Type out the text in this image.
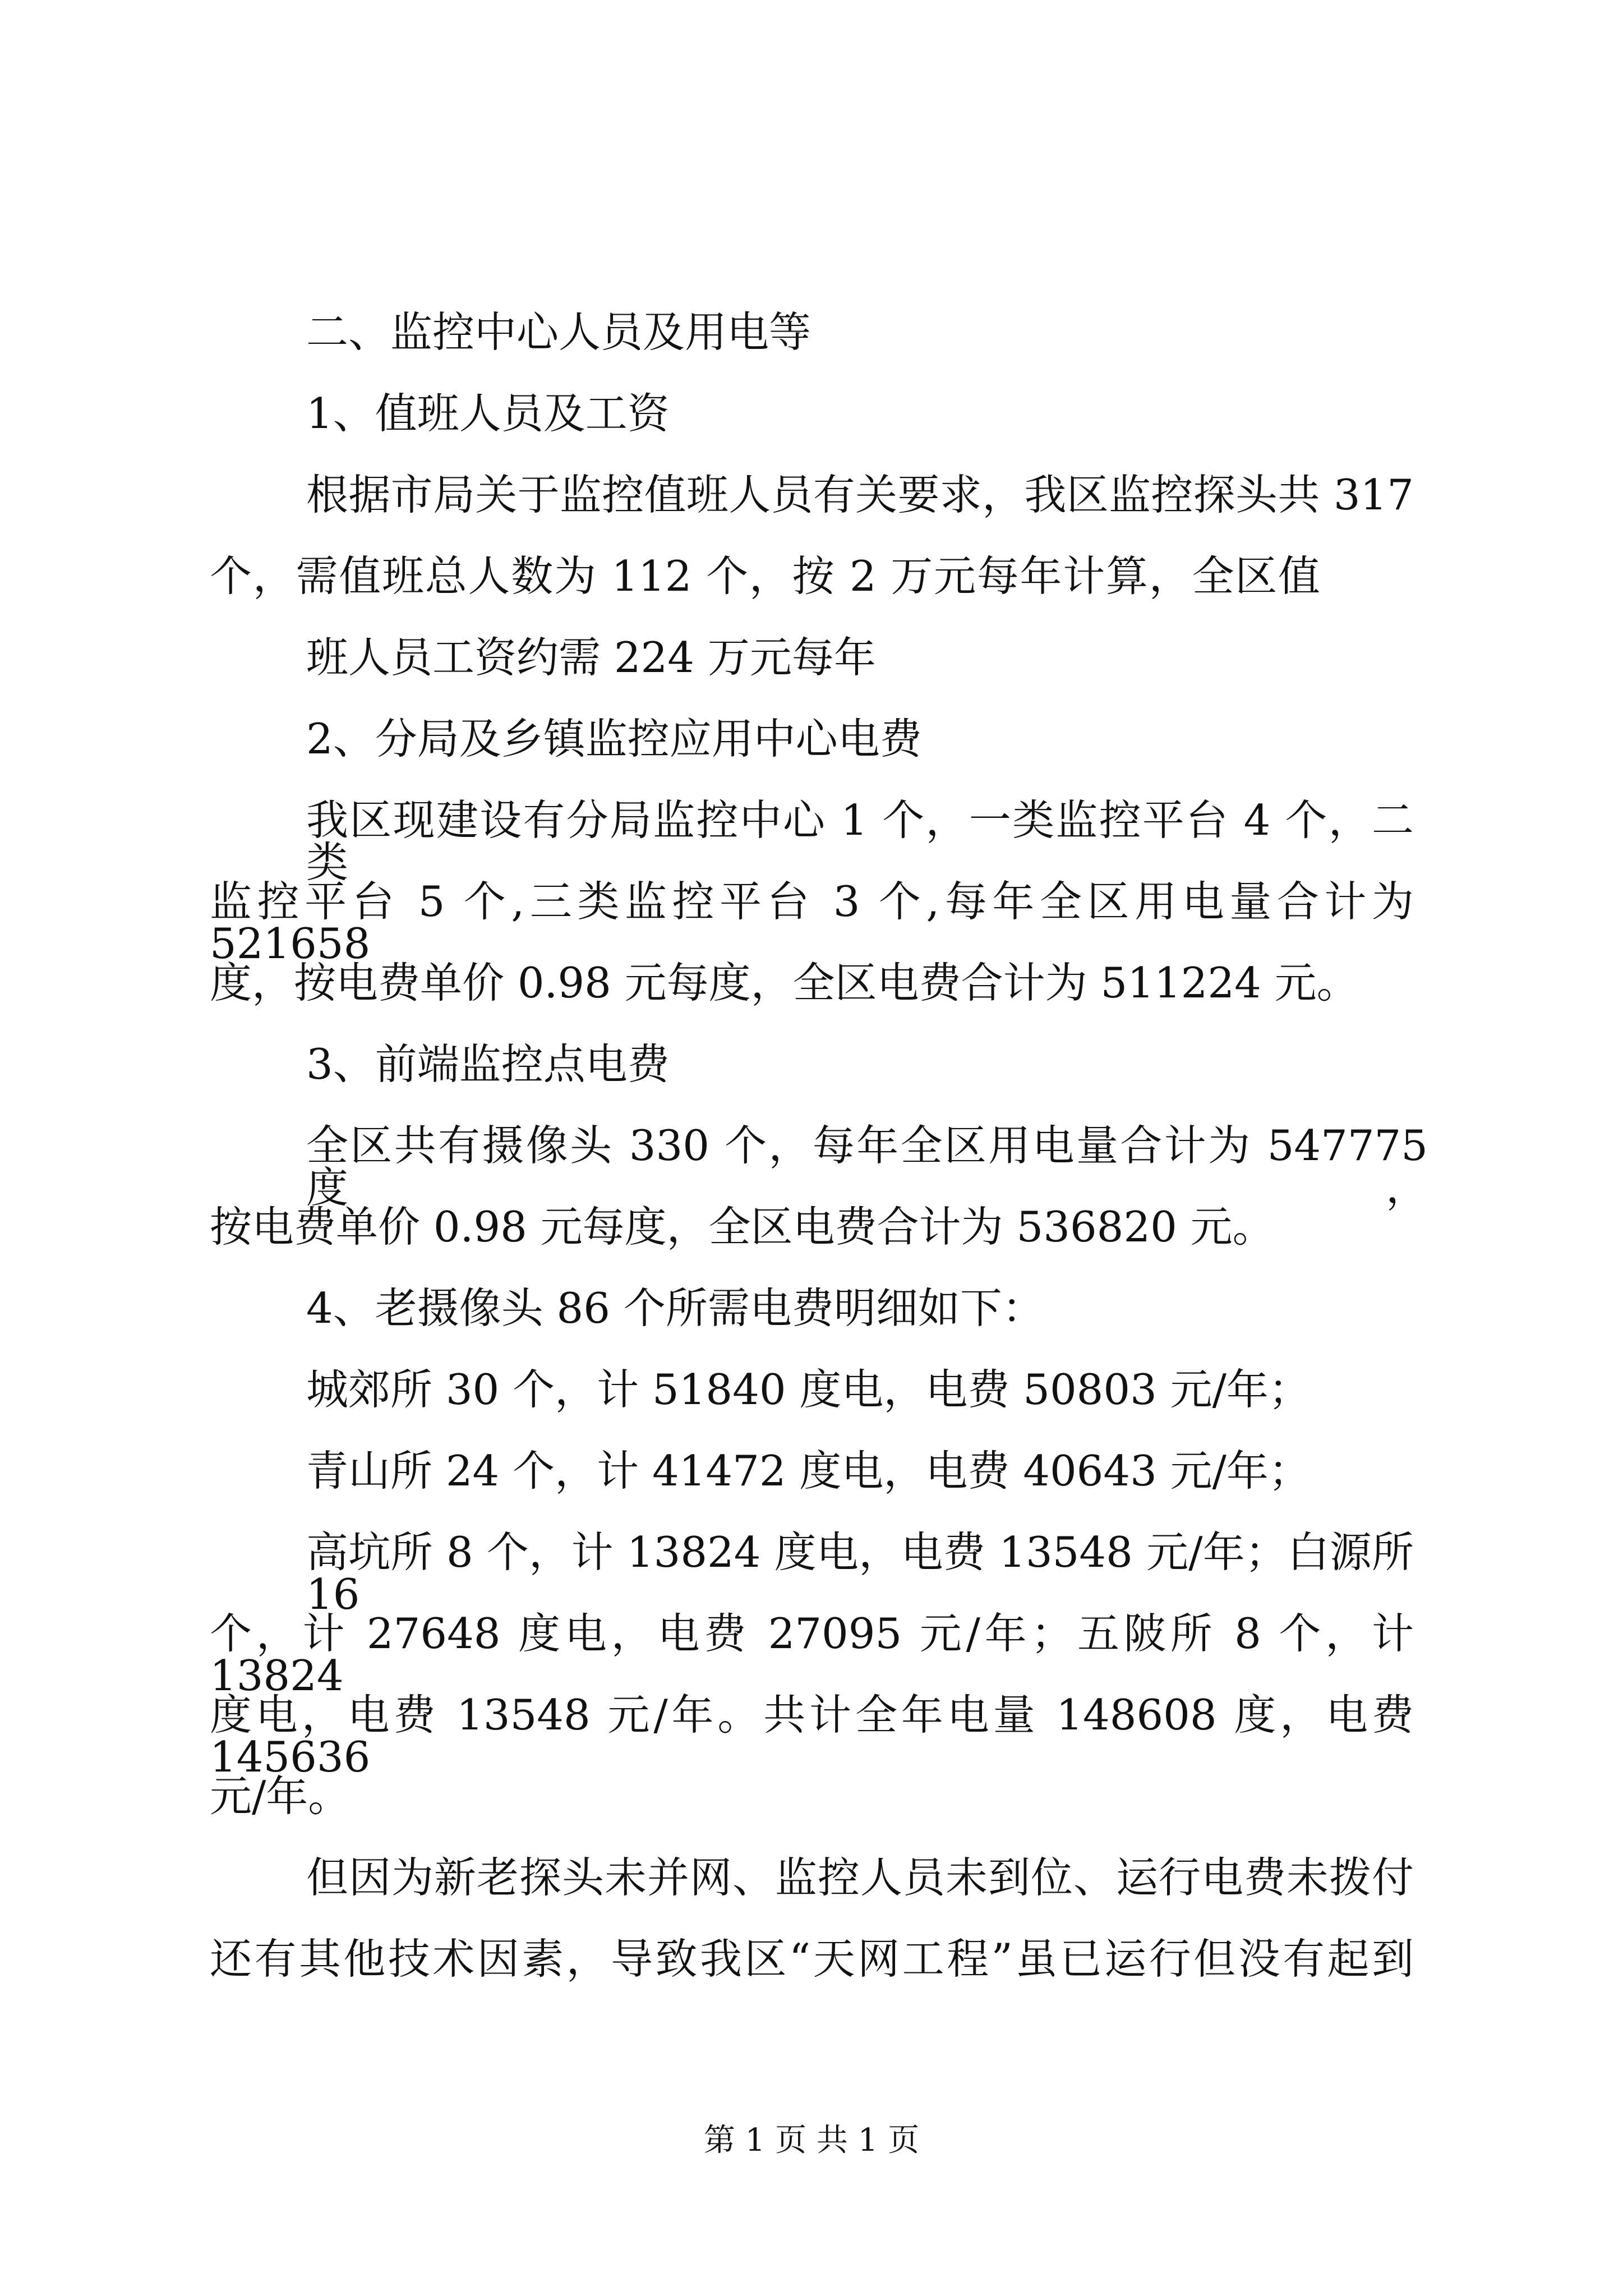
二、监控中心人员及用电等
1、值班人员及工资
根据市局关于监控值班人员有关要求，我区监控探头共 317
个，需值班总人数为 112 个，按 2 万元每年计算，全区值
班人员工资约需 224 万元每年
2、分局及乡镇监控应用中心电费
我区现建设有分局监控中心 1 个，一类监控平台 4 个，二类
监控平台 5 个,三类监控平台 3 个,每年全区用电量合计为 521658
度，按电费单价 0.98 元每度，全区电费合计为 511224 元。
3、前端监控点电费
全区共有摄像头 330 个，每年全区用电量合计为 547775 度，
按电费单价 0.98 元每度，全区电费合计为 536820 元。
4、老摄像头 86 个所需电费明细如下：
城郊所 30 个，计 51840 度电，电费 50803 元/年；
青山所 24 个，计 41472 度电，电费 40643 元/年；
高坑所 8 个，计 13824 度电，电费 13548 元/年；白源所 16
个，计 27648 度电，电费 27095 元/年；五陂所 8 个，计 13824
度电，电费 13548 元/年。共计全年电量 148608 度，电费 145636
元/年。
但因为新老探头未并网、监控人员未到位、运行电费未拨付
还有其他技术因素，导致我区“天网工程”虽已运行但没有起到
第 1 页 共 1 页
